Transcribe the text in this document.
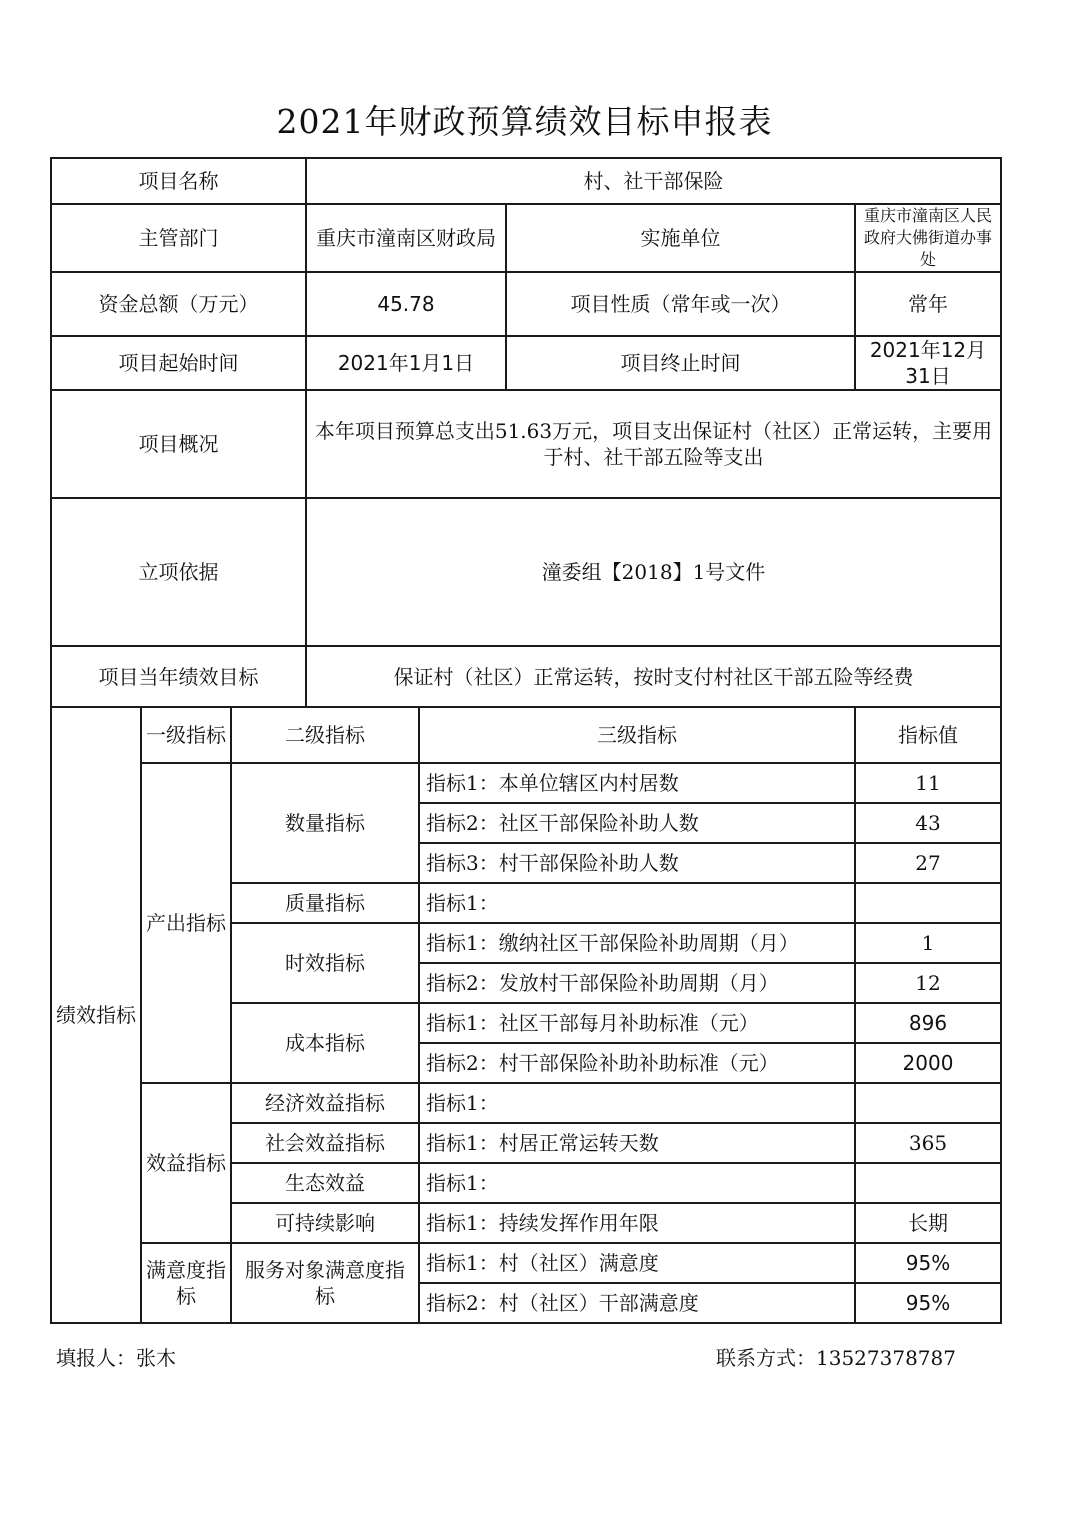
2021年财政预算绩效目标申报表
项目名称			村、社干部保险			
主管部门			重庆市潼南区财政局		实施单位	重庆市潼南区人民政府大佛街道办事处
资金总额（万元）			45.78		项目性质（常年或一次）	常年
项目起始时间			2021年1月1日		项目终止时间	2021年12月31日
项目概况			本年项目预算总支出51.63万元，项目支出保证村（社区）正常运转，主要用于村、社干部五险等支出			
立项依据			潼委组【2018】1号文件			
项目当年绩效目标			保证村（社区）正常运转，按时支付村社区干部五险等经费			
绩效指标	一级指标	二级指标		三级指标		指标值
	产出指标	数量指标		指标1：本单位辖区内村居数		11
				指标2：社区干部保险补助人数		43
				指标3：村干部保险补助人数		27
		质量指标		指标1：		
		时效指标		指标1：缴纳社区干部保险补助周期（月）		1
				指标2：发放村干部保险补助周期（月）		12
		成本指标		指标1：社区干部每月补助标准（元）		896
				指标2：村干部保险补助补助标准（元）		2000
	效益指标	经济效益指标		指标1：		
		社会效益指标		指标1：村居正常运转天数		365
		生态效益		指标1：		
		可持续影响		指标1：持续发挥作用年限		长期
	满意度指标	服务对象满意度指标		指标1：村（社区）满意度		95%
				指标2：村（社区）干部满意度		95%
填报人：张木	联系方式：13527378787
